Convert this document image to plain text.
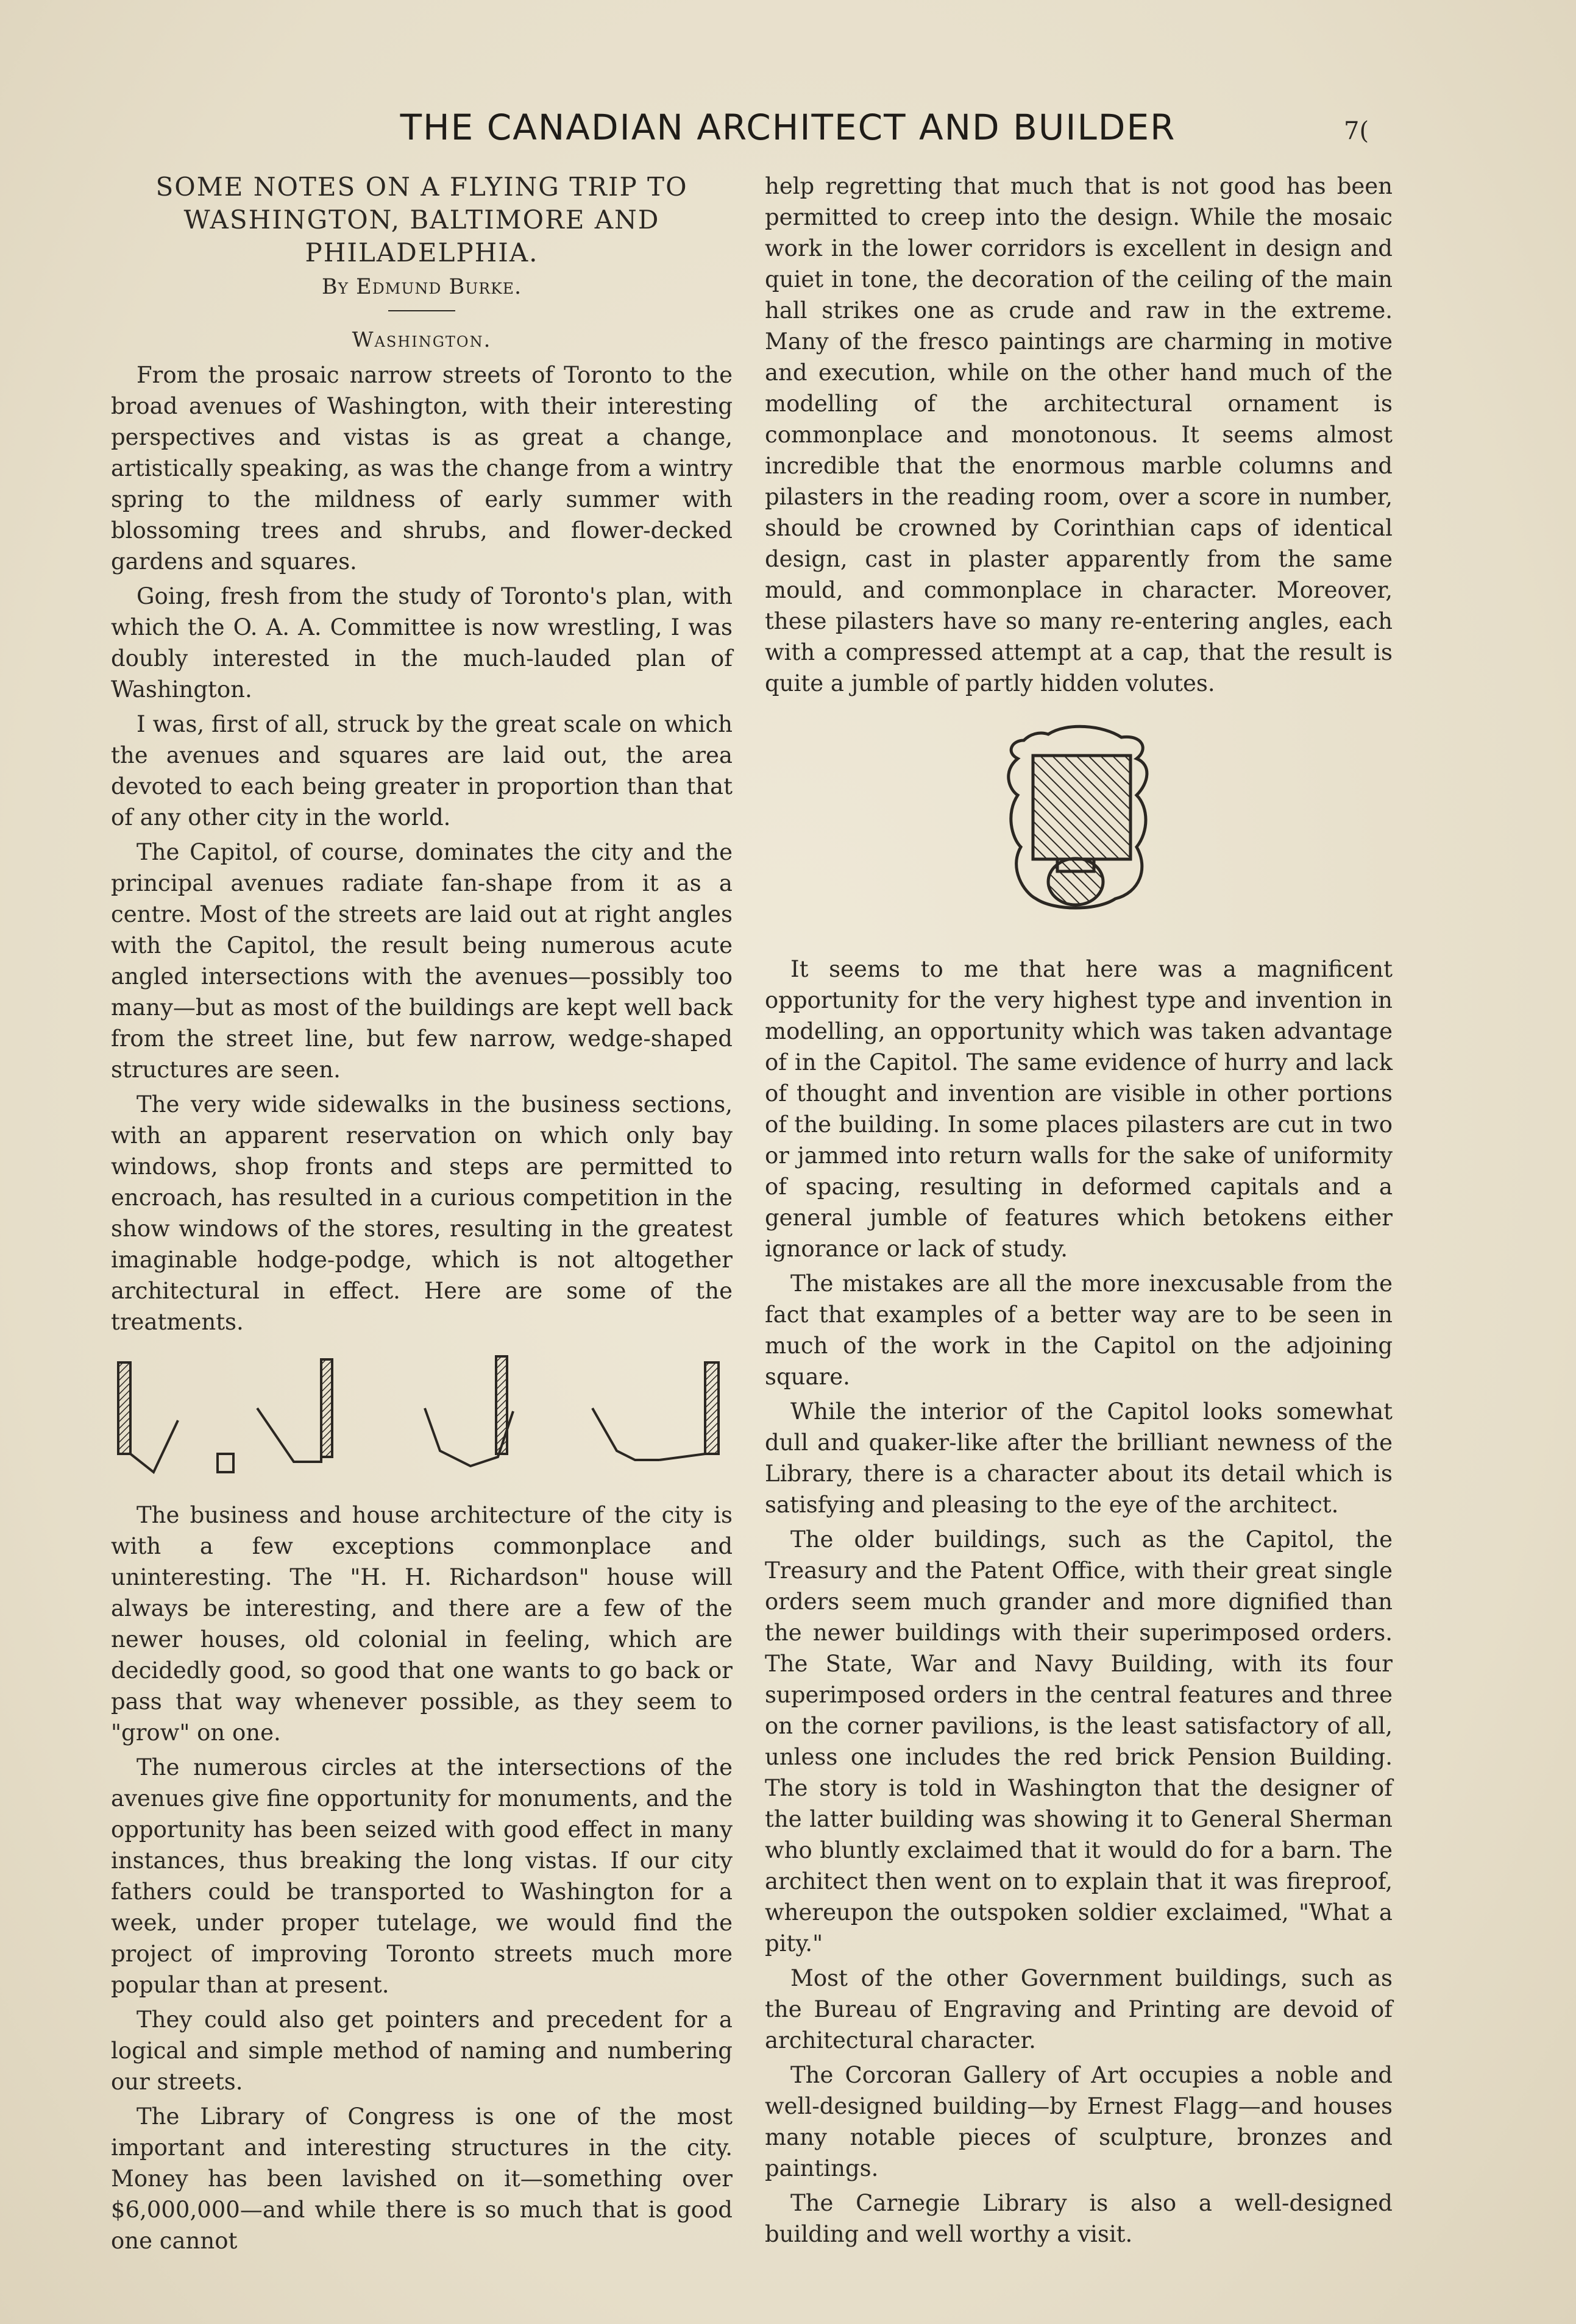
THE CANADIAN ARCHITECT AND BUILDER	7(
SOME NOTES ON A FLYING TRIP TO WASHINGTON, BALTIMORE AND PHILADELPHIA.
By Edmund Burke.
Washington.

From the prosaic narrow streets of Toronto to the broad avenues of Washington, with their interesting perspectives and vistas is as great a change, artistically speaking, as was the change from a wintry spring to the mildness of early summer with blossoming trees and shrubs, and flower-decked gardens and squares.

Going, fresh from the study of Toronto's plan, with which the O. A. A. Committee is now wrestling, I was doubly interested in the much-lauded plan of Washington.

I was, first of all, struck by the great scale on which the avenues and squares are laid out, the area devoted to each being greater in proportion than that of any other city in the world.

The Capitol, of course, dominates the city and the principal avenues radiate fan-shape from it as a centre. Most of the streets are laid out at right angles with the Capitol, the result being numerous acute angled intersections with the avenues—possibly too many—but as most of the buildings are kept well back from the street line, but few narrow, wedge-shaped structures are seen.

The very wide sidewalks in the business sections, with an apparent reservation on which only bay windows, shop fronts and steps are permitted to encroach, has resulted in a curious competition in the show windows of the stores, resulting in the greatest imaginable hodge-podge, which is not altogether architectural in effect. Here are some of the treatments.

The business and house architecture of the city is with a few exceptions commonplace and uninteresting. The "H. H. Richardson" house will always be interesting, and there are a few of the newer houses, old colonial in feeling, which are decidedly good, so good that one wants to go back or pass that way whenever possible, as they seem to "grow" on one.

The numerous circles at the intersections of the avenues give fine opportunity for monuments, and the opportunity has been seized with good effect in many instances, thus breaking the long vistas. If our city fathers could be transported to Washington for a week, under proper tutelage, we would find the project of improving Toronto streets much more popular than at present.

They could also get pointers and precedent for a logical and simple method of naming and numbering our streets.

The Library of Congress is one of the most important and interesting structures in the city. Money has been lavished on it—something over $6,000,000—and while there is so much that is good one cannot

help regretting that much that is not good has been permitted to creep into the design. While the mosaic work in the lower corridors is excellent in design and quiet in tone, the decoration of the ceiling of the main hall strikes one as crude and raw in the extreme. Many of the fresco paintings are charming in motive and execution, while on the other hand much of the modelling of the architectural ornament is commonplace and monotonous. It seems almost incredible that the enormous marble columns and pilasters in the reading room, over a score in number, should be crowned by Corinthian caps of identical design, cast in plaster apparently from the same mould, and commonplace in character. Moreover, these pilasters have so many re-entering angles, each with a compressed attempt at a cap, that the result is quite a jumble of partly hidden volutes.

It seems to me that here was a magnificent opportunity for the very highest type and invention in modelling, an opportunity which was taken advantage of in the Capitol. The same evidence of hurry and lack of thought and invention are visible in other portions of the building. In some places pilasters are cut in two or jammed into return walls for the sake of uniformity of spacing, resulting in deformed capitals and a general jumble of features which betokens either ignorance or lack of study.

The mistakes are all the more inexcusable from the fact that examples of a better way are to be seen in much of the work in the Capitol on the adjoining square.

While the interior of the Capitol looks somewhat dull and quaker-like after the brilliant newness of the Library, there is a character about its detail which is satisfying and pleasing to the eye of the architect.

The older buildings, such as the Capitol, the Treasury and the Patent Office, with their great single orders seem much grander and more dignified than the newer buildings with their superimposed orders. The State, War and Navy Building, with its four superimposed orders in the central features and three on the corner pavilions, is the least satisfactory of all, unless one includes the red brick Pension Building. The story is told in Washington that the designer of the latter building was showing it to General Sherman who bluntly exclaimed that it would do for a barn. The architect then went on to explain that it was fireproof, whereupon the outspoken soldier exclaimed, "What a pity."

Most of the other Government buildings, such as the Bureau of Engraving and Printing are devoid of architectural character.

The Corcoran Gallery of Art occupies a noble and well-designed building—by Ernest Flagg—and houses many notable pieces of sculpture, bronzes and paintings.

The Carnegie Library is also a well-designed building and well worthy a visit.
